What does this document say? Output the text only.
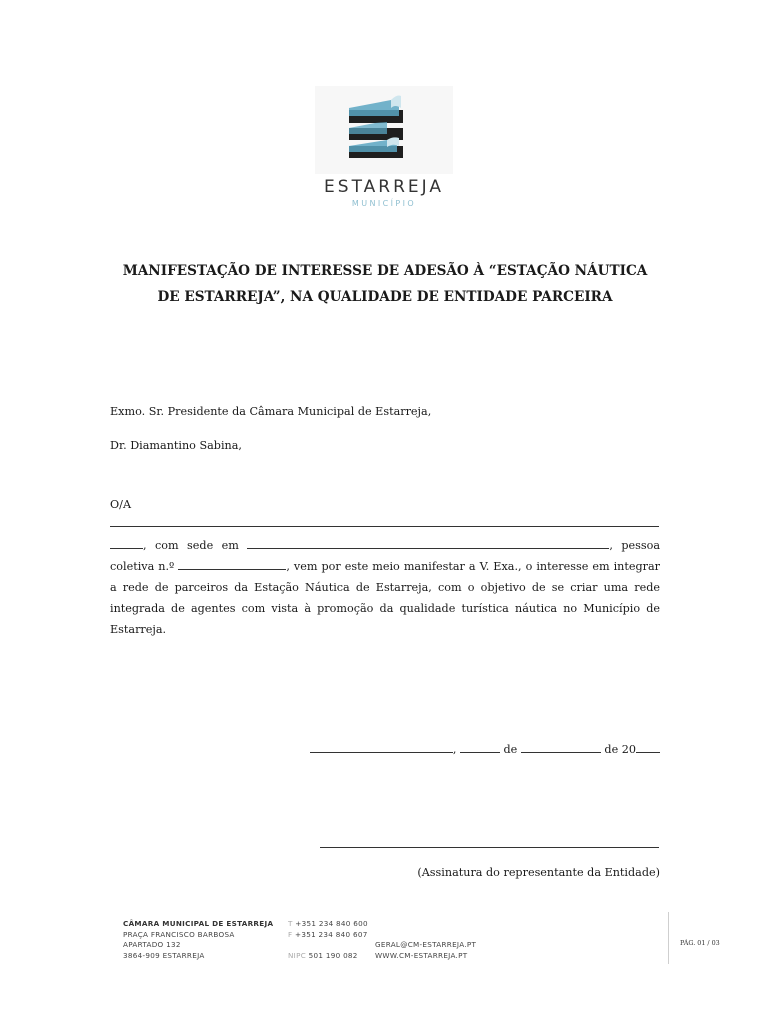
ESTARREJA
MUNICÍPIO
MANIFESTAÇÃO DE INTERESSE DE ADESÃO À “ESTAÇÃO NÁUTICA DE ESTARREJA”, NA QUALIDADE DE ENTIDADE PARCEIRA
Exmo. Sr. Presidente da Câmara Municipal de Estarreja,
Dr. Diamantino Sabina,
O/A
, com sede em	, pessoa coletiva n.º	, vem por este meio manifestar a V. Exa., o interesse em integrar a rede de parceiros da Estação Náutica de Estarreja, com o objetivo de se criar uma rede integrada de agentes com vista à promoção da qualidade turística náutica no Município de Estarreja.
,	de	de 20
(Assinatura do representante da Entidade)
CÂMARA MUNICIPAL DE ESTARREJA
PRAÇA FRANCISCO BARBOSA
APARTADO 132
3864-909 ESTARREJA
T +351 234 840 600
F +351 234 840 607

NIPC 501 190 082
GERAL@CM-ESTARREJA.PT
WWW.CM-ESTARREJA.PT
PÁG. 01 / 03
